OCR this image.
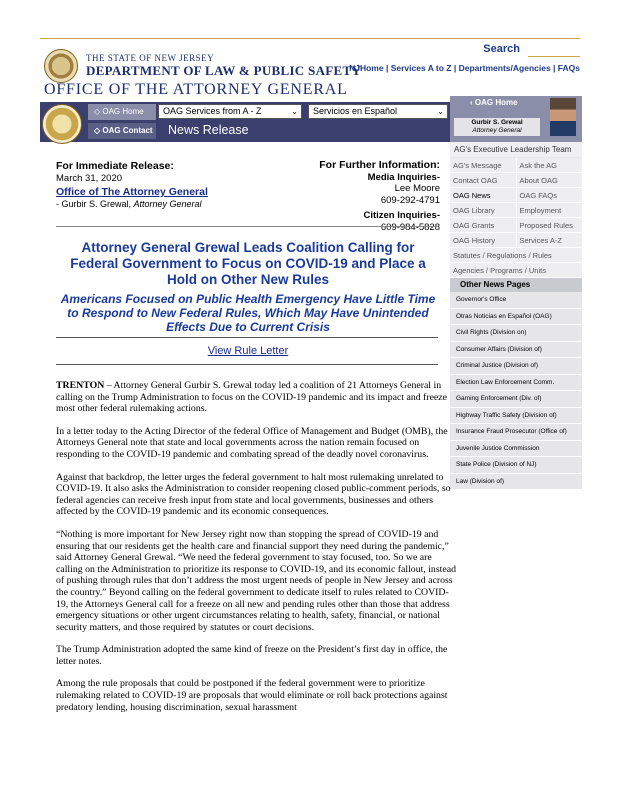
THE STATE OF NEW JERSEY
DEPARTMENT OF LAW & PUBLIC SAFETY
OFFICE OF THE ATTORNEY GENERAL
Search
NJHome | Services A to Z | Departments/Agencies | FAQs
◇ OAG Home
◇ OAG Contact
OAG Services from A - Z	⌄	Servicios en Español	⌄
News Release
‹ OAG Home
Gurbir S. Grewal
Attorney General
AG's Executive Leadership Team
AG's Message	Ask the AG
Contact OAG	About OAG
OAG News	OAG FAQs
OAG Library	Employment
OAG Grants	Proposed Rules
OAG History	Services A-Z
Statutes / Regulations / Rules
Agencies / Programs / Units
Other News Pages
Governor's Office
Otras Noticias en Español (OAG)
Civil Rights (Division on)
Consumer Affairs (Division of)
Criminal Justice (Division of)
Election Law Enforcement Comm.
Gaming Enforcement (Div. of)
Highway Traffic Safety (Division of)
Insurance Fraud Prosecutor (Office of)
Juvenile Justice Commission
State Police (Division of NJ)
Law (Division of)
For Immediate Release:
March 31, 2020
Office of The Attorney General
- Gurbir S. Grewal, Attorney General
For Further Information:
Media Inquiries-
Lee Moore
609-292-4791
Citizen Inquiries-
609-984-5828
Attorney General Grewal Leads Coalition Calling for Federal Government to Focus on COVID-19 and Place a Hold on Other New Rules
Americans Focused on Public Health Emergency Have Little Time to Respond to New Federal Rules, Which May Have Unintended Effects Due to Current Crisis
View Rule Letter

TRENTON – Attorney General Gurbir S. Grewal today led a coalition of 21 Attorneys General in calling on the Trump Administration to focus on the COVID-19 pandemic and its impact and freeze most other federal rulemaking actions.

In a letter today to the Acting Director of the federal Office of Management and Budget (OMB), the Attorneys General note that state and local governments across the nation remain focused on responding to the COVID-19 pandemic and combating spread of the deadly novel coronavirus.

Against that backdrop, the letter urges the federal government to halt most rulemaking unrelated to COVID-19. It also asks the Administration to consider reopening closed public-comment periods, so federal agencies can receive fresh input from state and local governments, businesses and others affected by the COVID-19 pandemic and its economic consequences.

“Nothing is more important for New Jersey right now than stopping the spread of COVID-19 and ensuring that our residents get the health care and financial support they need during the pandemic,” said Attorney General Grewal. “We need the federal government to stay focused, too. So we are calling on the Administration to prioritize its response to COVID-19, and its economic fallout, instead of pushing through rules that don’t address the most urgent needs of people in New Jersey and across the country.” Beyond calling on the federal government to dedicate itself to rules related to COVID-19, the Attorneys General call for a freeze on all new and pending rules other than those that address emergency situations or other urgent circumstances relating to health, safety, financial, or national security matters, and those required by statutes or court decisions.

The Trump Administration adopted the same kind of freeze on the President’s first day in office, the letter notes.

Among the rule proposals that could be postponed if the federal government were to prioritize rulemaking related to COVID-19 are proposals that would eliminate or roll back protections against predatory lending, housing discrimination, sexual harassment
